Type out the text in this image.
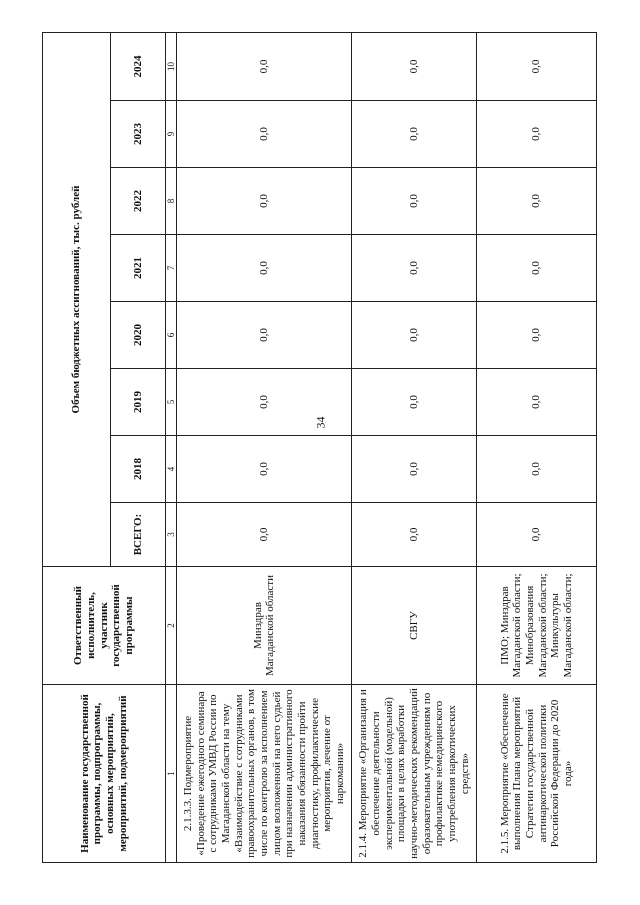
34
Наименование государственной программы, подпрограммы, основных мероприятий, мероприятий, подмероприятий	Ответственный исполнитель, участник государственной программы	Объем бюджетных ассигнований, тыс. рублей							
		ВСЕГО:	2018	2019	2020	2021	2022	2023	2024
1	2	3	4	5	6	7	8	9	10
2.1.3.3. Подмероприятие «Проведение ежегодного семинара с сотрудниками УМВД России по Магаданской области на тему «Взаимодействие с сотрудниками правоохранительных органов, в том числе по контролю за исполнением лицом возложенной на него судьей при назначении административного наказания обязанности пройти диагностику, профилактические мероприятия, лечение от наркомании»	Минздрав Магаданской области	0,0	0,0	0,0	0,0	0,0	0,0	0,0	0,0
2.1.4. Мероприятие «Организация и обеспечение деятельности экспериментальной (модельной) площадки в целях выработки научно-методических рекомендаций образовательным учреждениям по профилактике немедицинского употребления наркотических средств»	СВГУ	0,0	0,0	0,0	0,0	0,0	0,0	0,0	0,0
2.1.5. Мероприятие «Обеспечение выполнения Плана мероприятий Стратегии государственной антинаркотической политики Российской Федерации до 2020 года»	ПМО; Минздрав Магаданской области; Минобразования Магаданской области; Минкультуры Магаданской области;	0,0	0,0	0,0	0,0	0,0	0,0	0,0	0,0
